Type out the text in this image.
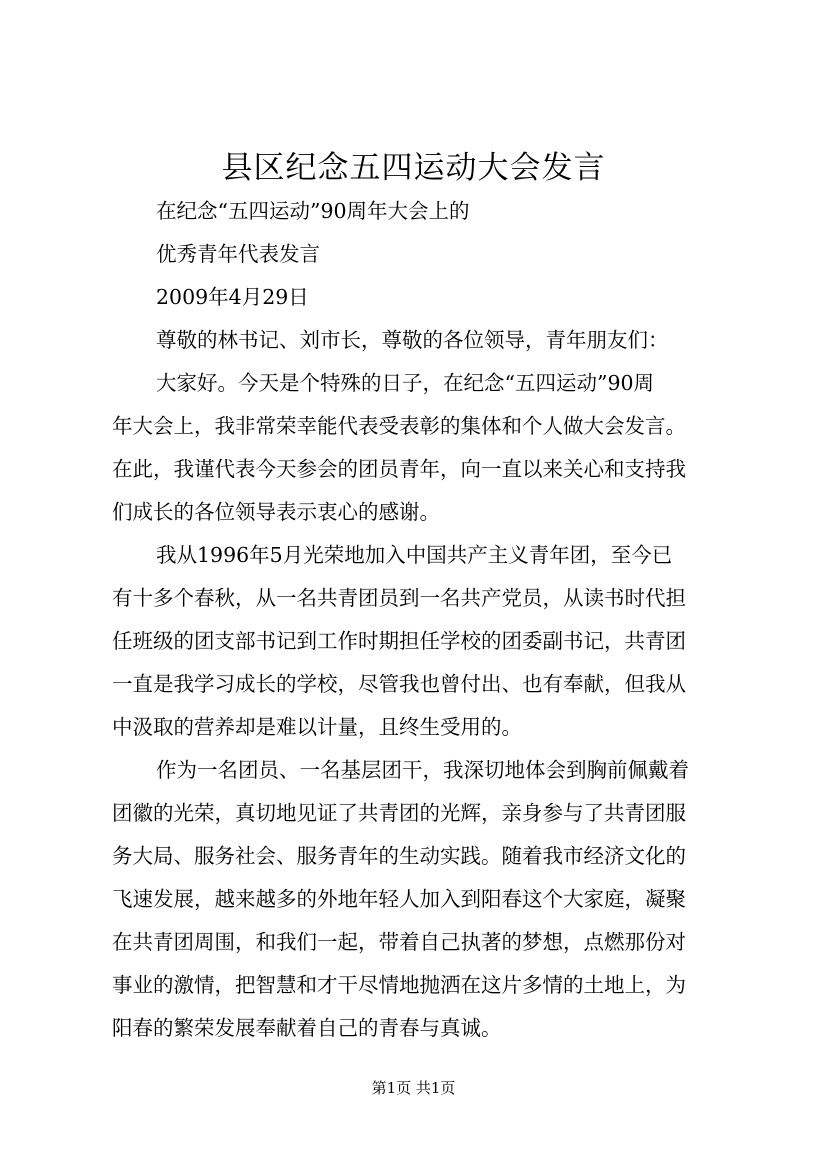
县区纪念五四运动大会发言
在纪念“五四运动”90周年大会上的
优秀青年代表发言
2009年4月29日
尊敬的林书记、刘市长，尊敬的各位领导，青年朋友们：
大家好。今天是个特殊的日子，在纪念“五四运动”90周
年大会上，我非常荣幸能代表受表彰的集体和个人做大会发言。
在此，我谨代表今天参会的团员青年，向一直以来关心和支持我
们成长的各位领导表示衷心的感谢。
我从1996年5月光荣地加入中国共产主义青年团，至今已
有十多个春秋，从一名共青团员到一名共产党员，从读书时代担
任班级的团支部书记到工作时期担任学校的团委副书记，共青团
一直是我学习成长的学校，尽管我也曾付出、也有奉献，但我从
中汲取的营养却是难以计量，且终生受用的。
作为一名团员、一名基层团干，我深切地体会到胸前佩戴着
团徽的光荣，真切地见证了共青团的光辉，亲身参与了共青团服
务大局、服务社会、服务青年的生动实践。随着我市经济文化的
飞速发展，越来越多的外地年轻人加入到阳春这个大家庭，凝聚
在共青团周围，和我们一起，带着自己执著的梦想，点燃那份对
事业的激情，把智慧和才干尽情地抛洒在这片多情的土地上，为
阳春的繁荣发展奉献着自己的青春与真诚。
第1页 共1页
